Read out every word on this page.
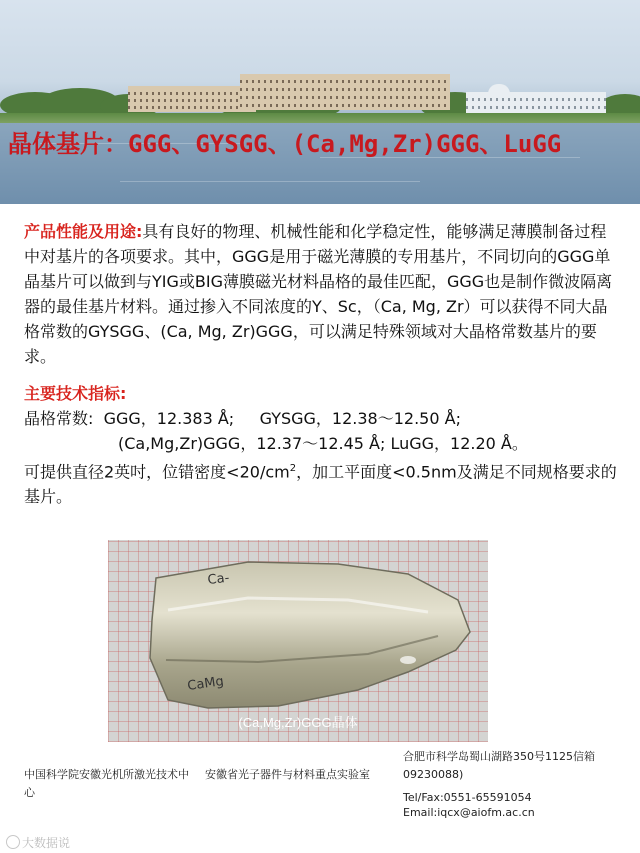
晶体基片：GGG、GYSGG、(Ca,Mg,Zr)GGG、LuGG
产品性能及用途:具有良好的物理、机械性能和化学稳定性，能够满足薄膜制备过程中对基片的各项要求。其中，GGG是用于磁光薄膜的专用基片，不同切向的GGG单晶基片可以做到与YIG或BIG薄膜磁光材料晶格的最佳匹配，GGG也是制作微波隔离器的最佳基片材料。通过掺入不同浓度的Y、Sc，（Ca, Mg, Zr）可以获得不同大晶格常数的GYSGG、(Ca, Mg, Zr)GGG，可以满足特殊领域对大晶格常数基片的要求。
主要技术指标:
晶格常数:  GGG，12.383 Å;     GYSGG，12.38～12.50 Å;
(Ca,Mg,Zr)GGG，12.37～12.45 Å; LuGG，12.20 Å。
可提供直径2英吋，位错密度$<20/cm^2$，加工平面度<0.5nm及满足不同规格要求的基片。
Ca-
CaMg
(Ca,Mg,Zr)GGG晶体
中国科学院安徽光机所激光技术中心
安徽省光子器件与材料重点实验室
合肥市科学岛蜀山湖路350号1125信箱09230088)
Tel/Fax:0551-65591054
Email:iqcx@aiofm.ac.cn
大数据说
